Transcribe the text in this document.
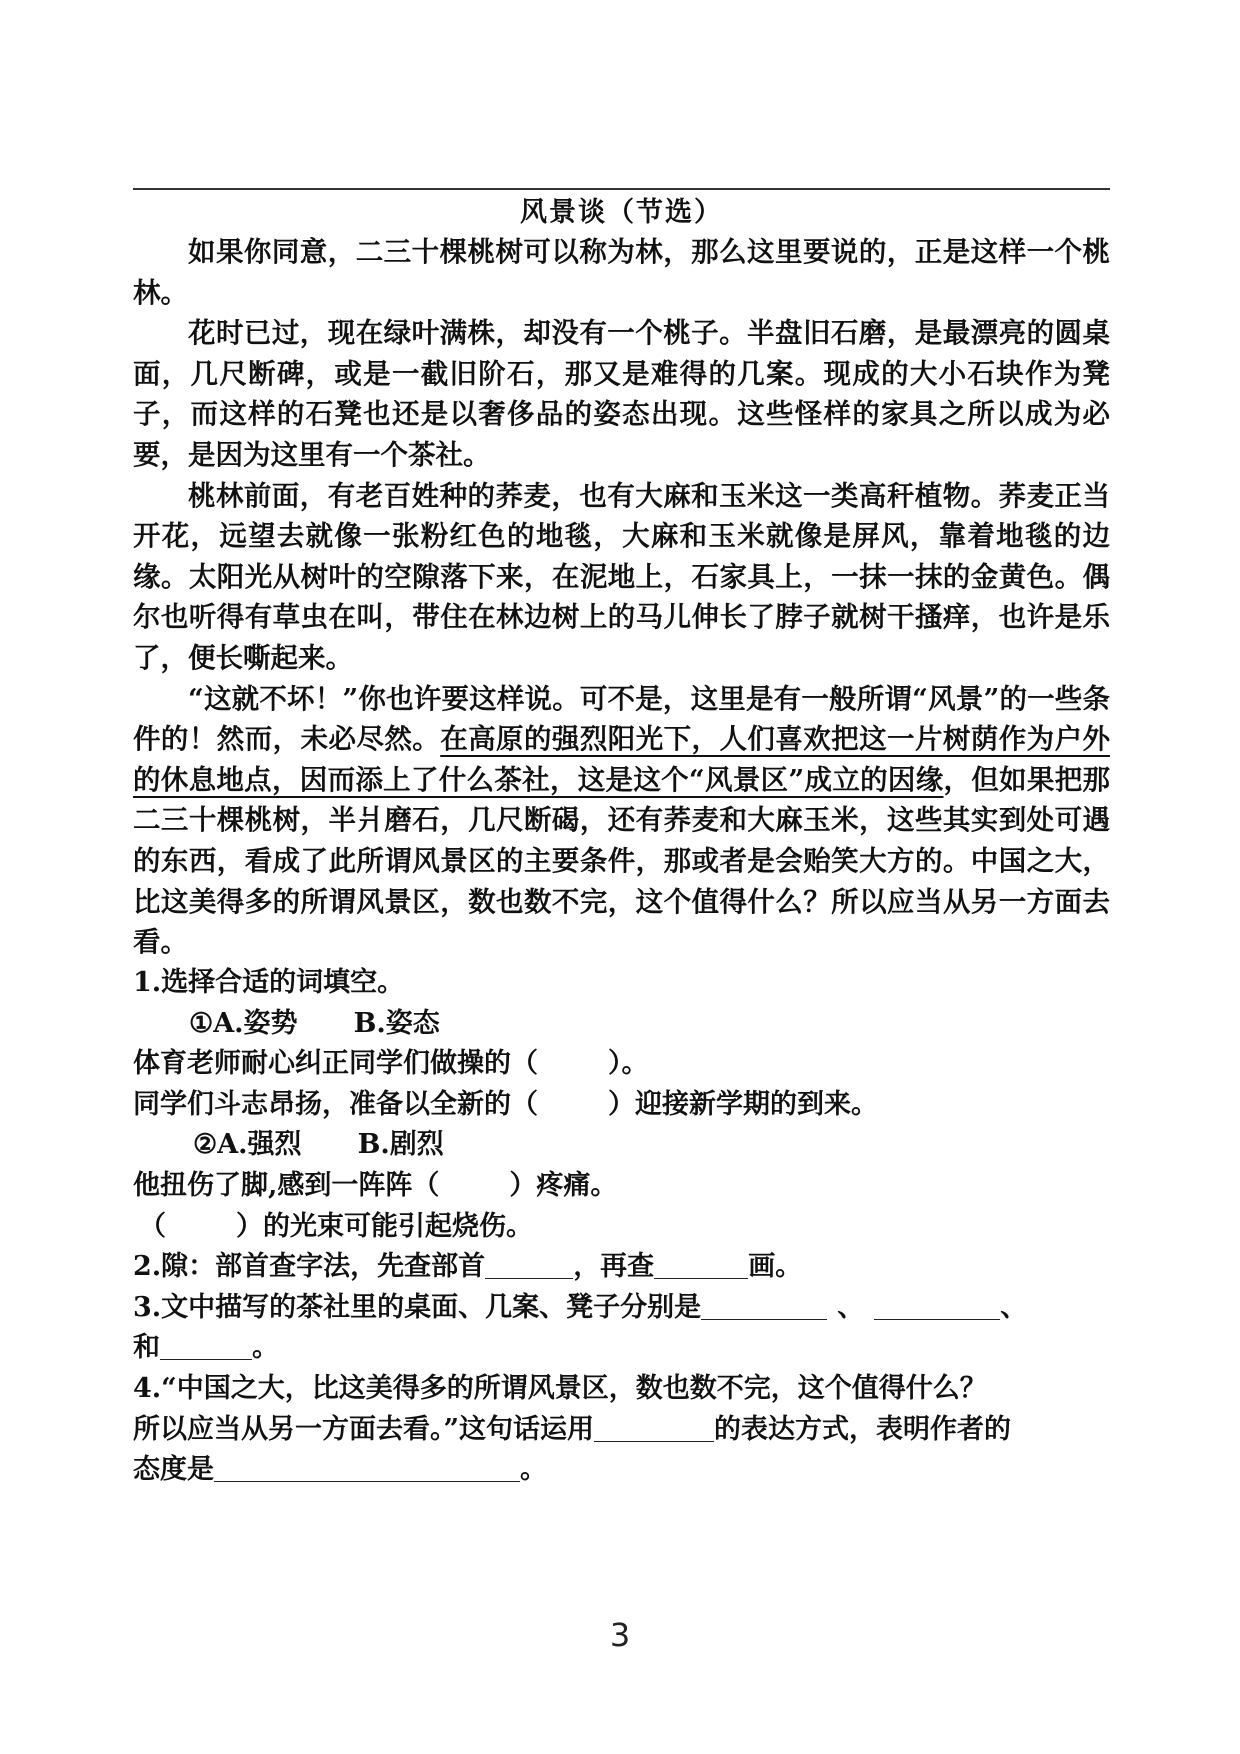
风景谈（节选）

如果你同意，二三十棵桃树可以称为林，那么这里要说的，正是这样一个桃林。

花时已过，现在绿叶满株，却没有一个桃子。半盘旧石磨，是最漂亮的圆桌面，几尺断碑，或是一截旧阶石，那又是难得的几案。现成的大小石块作为凳子，而这样的石凳也还是以奢侈品的姿态出现。这些怪样的家具之所以成为必要，是因为这里有一个茶社。

桃林前面，有老百姓种的荞麦，也有大麻和玉米这一类高秆植物。荞麦正当开花，远望去就像一张粉红色的地毯，大麻和玉米就像是屏风，靠着地毯的边缘。太阳光从树叶的空隙落下来，在泥地上，石家具上，一抹一抹的金黄色。偶尔也听得有草虫在叫，带住在林边树上的马儿伸长了脖子就树干搔痒，也许是乐了，便长嘶起来。

“这就不坏！”你也许要这样说。可不是，这里是有一般所谓“风景”的一些条件的！然而，未必尽然。在高原的强烈阳光下，人们喜欢把这一片树荫作为户外的休息地点，因而添上了什么茶社，这是这个“风景区”成立的因缘，但如果把那二三十棵桃树，半爿磨石，几尺断碣，还有荞麦和大麻玉米，这些其实到处可遇的东西，看成了此所谓风景区的主要条件，那或者是会贻笑大方的。中国之大，比这美得多的所谓风景区，数也数不完，这个值得什么？所以应当从另一方面去看。

1.选择合适的词填空。

①A.姿势 B.姿态

体育老师耐心纠正同学们做操的（	）。

同学们斗志昂扬，准备以全新的（	）迎接新学期的到来。

②A.强烈 B.剧烈

他扭伤了脚,感到一阵阵（	）疼痛。

（	）的光束可能引起烧伤。

2.隙：部首查字法，先查部首	，再查	画。

3.文中描写的茶社里的桌面、几案、凳子分别是	、	、

和	。

4.“中国之大，比这美得多的所谓风景区，数也数不完，这个值得什么？

所以应当从另一方面去看。”这句话运用	的表达方式，表明作者的

态度是	。

3
